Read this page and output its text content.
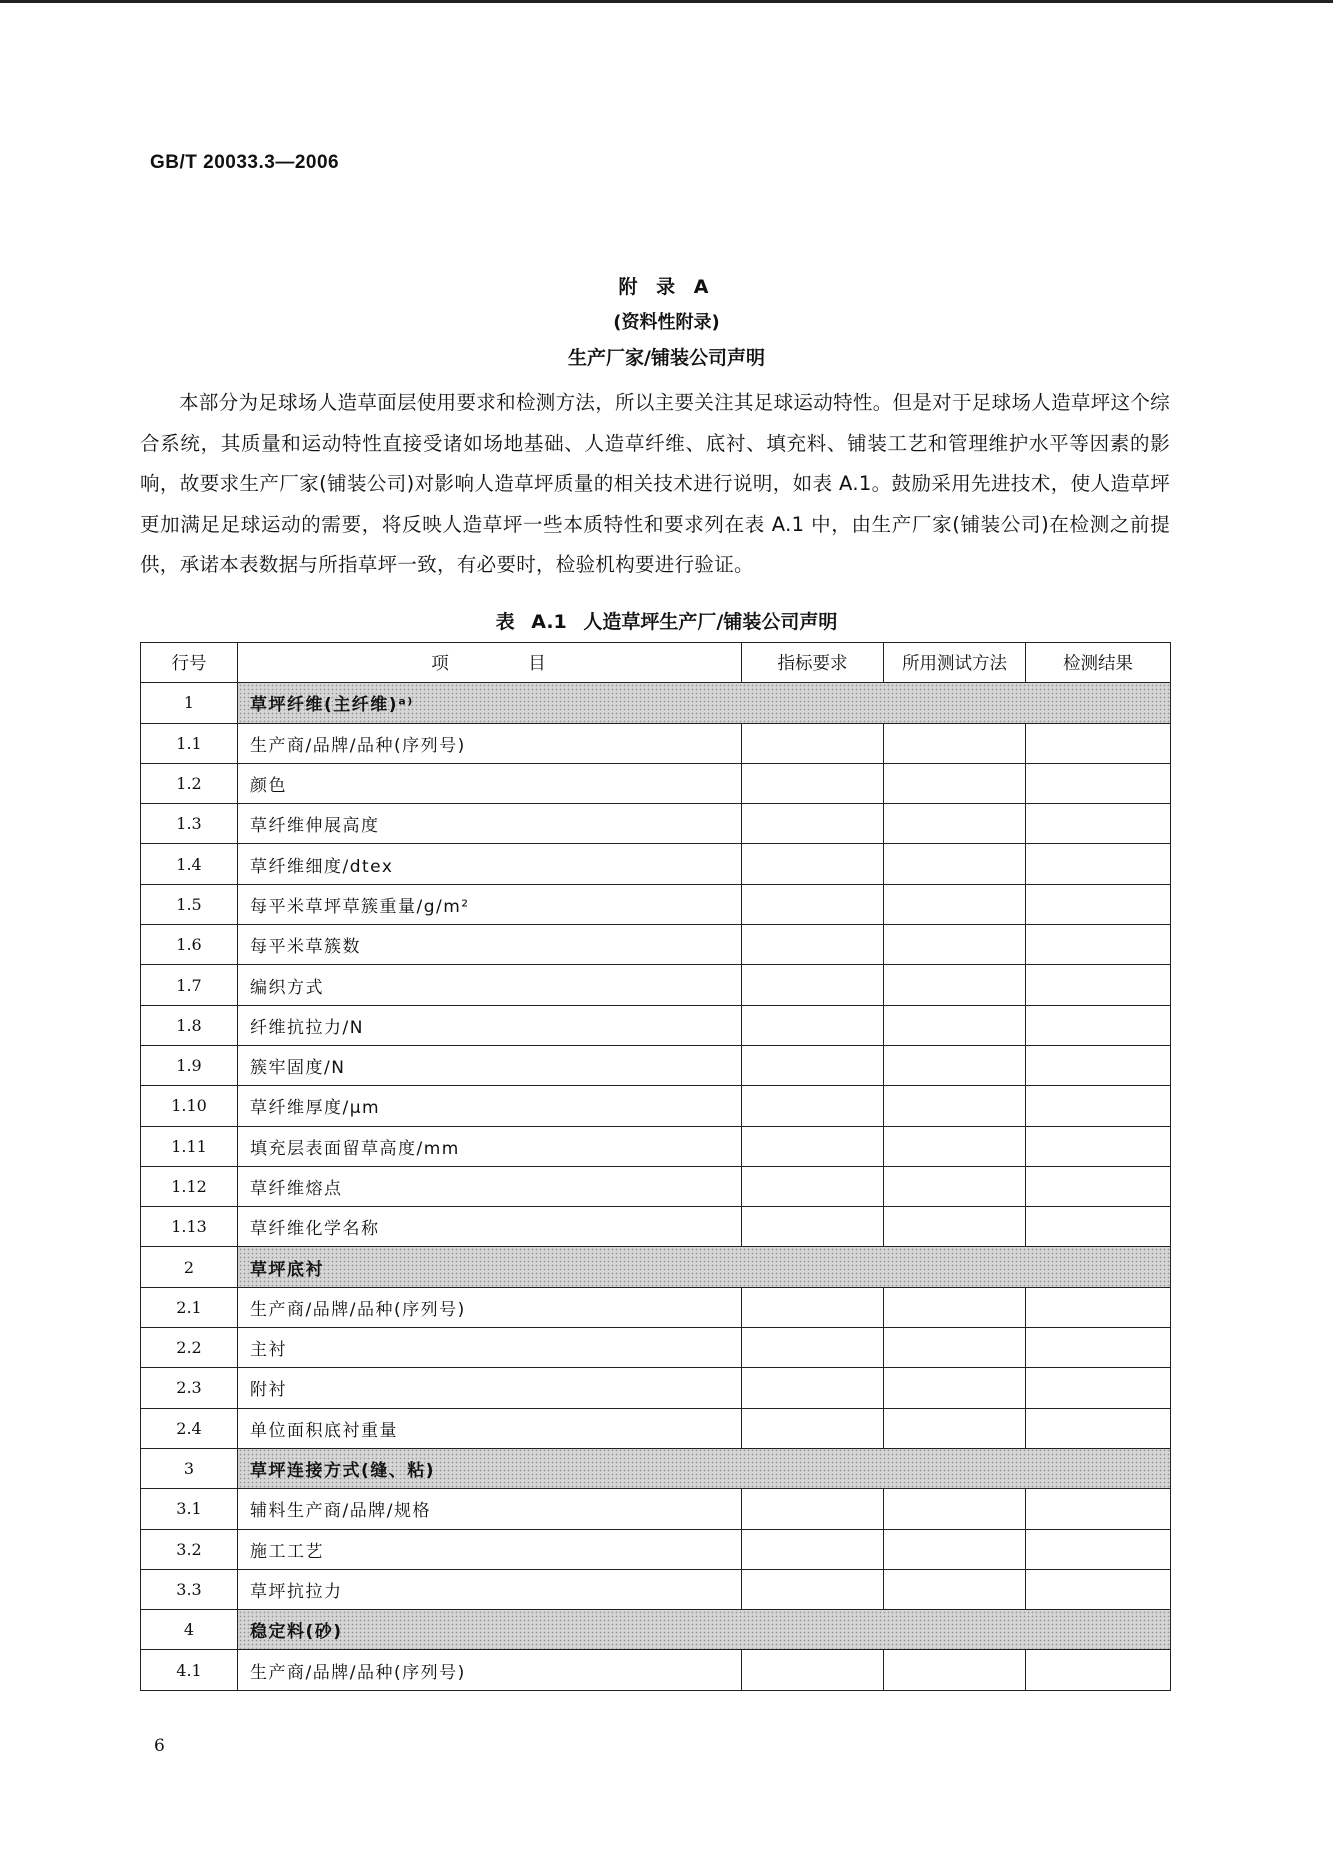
GB/T 20033.3—2006
附 录 A
(资料性附录)
生产厂家/铺装公司声明
本部分为足球场人造草面层使用要求和检测方法，所以主要关注其足球运动特性。但是对于足球场人造草坪这个综合系统，其质量和运动特性直接受诸如场地基础、人造草纤维、底衬、填充料、铺装工艺和管理维护水平等因素的影响，故要求生产厂家(铺装公司)对影响人造草坪质量的相关技术进行说明，如表 A.1。鼓励采用先进技术，使人造草坪更加满足足球运动的需要，将反映人造草坪一些本质特性和要求列在表 A.1 中，由生产厂家(铺装公司)在检测之前提供，承诺本表数据与所指草坪一致，有必要时，检验机构要进行验证。
表 A.1 人造草坪生产厂/铺装公司声明
行号	项 目	指标要求	所用测试方法	检测结果
1	草坪纤维(主纤维)ᵃ⁾			
1.1	生产商/品牌/品种(序列号)			
1.2	颜色			
1.3	草纤维伸展高度			
1.4	草纤维细度/dtex			
1.5	每平米草坪草簇重量/g/m²			
1.6	每平米草簇数			
1.7	编织方式			
1.8	纤维抗拉力/N			
1.9	簇牢固度/N			
1.10	草纤维厚度/μm			
1.11	填充层表面留草高度/mm			
1.12	草纤维熔点			
1.13	草纤维化学名称			
2	草坪底衬			
2.1	生产商/品牌/品种(序列号)			
2.2	主衬			
2.3	附衬			
2.4	单位面积底衬重量			
3	草坪连接方式(缝、粘)			
3.1	辅料生产商/品牌/规格			
3.2	施工工艺			
3.3	草坪抗拉力			
4	稳定料(砂)			
4.1	生产商/品牌/品种(序列号)			
6
